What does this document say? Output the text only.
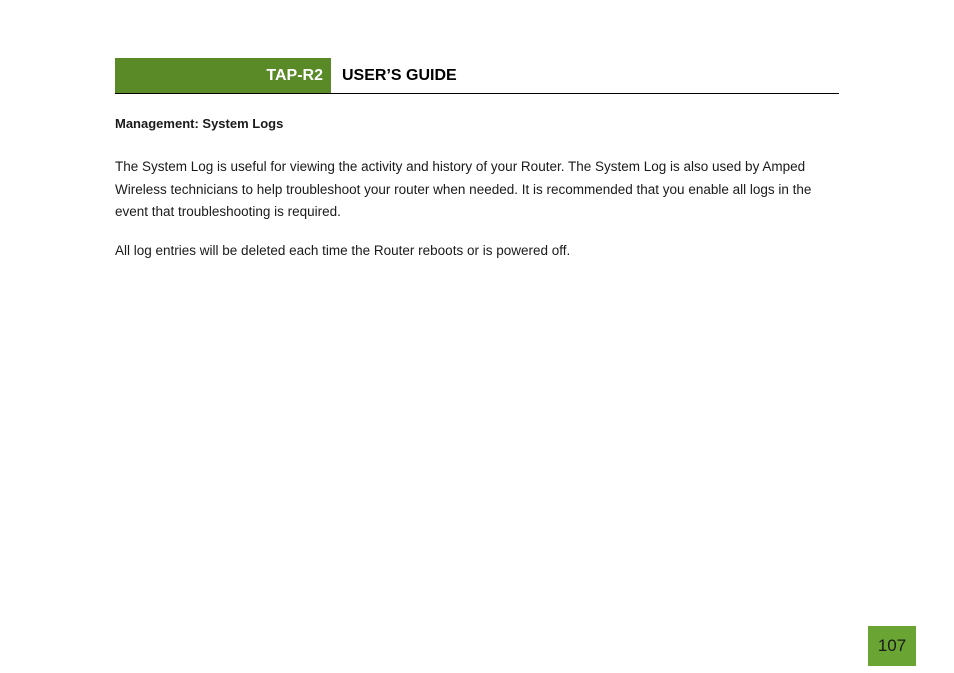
TAP-R2	USER’S GUIDE
Management: System Logs

The System Log is useful for viewing the activity and history of your Router. The System Log is also used by Amped Wireless technicians to help troubleshoot your router when needed. It is recommended that you enable all logs in the event that troubleshooting is required.

All log entries will be deleted each time the Router reboots or is powered off.

107
